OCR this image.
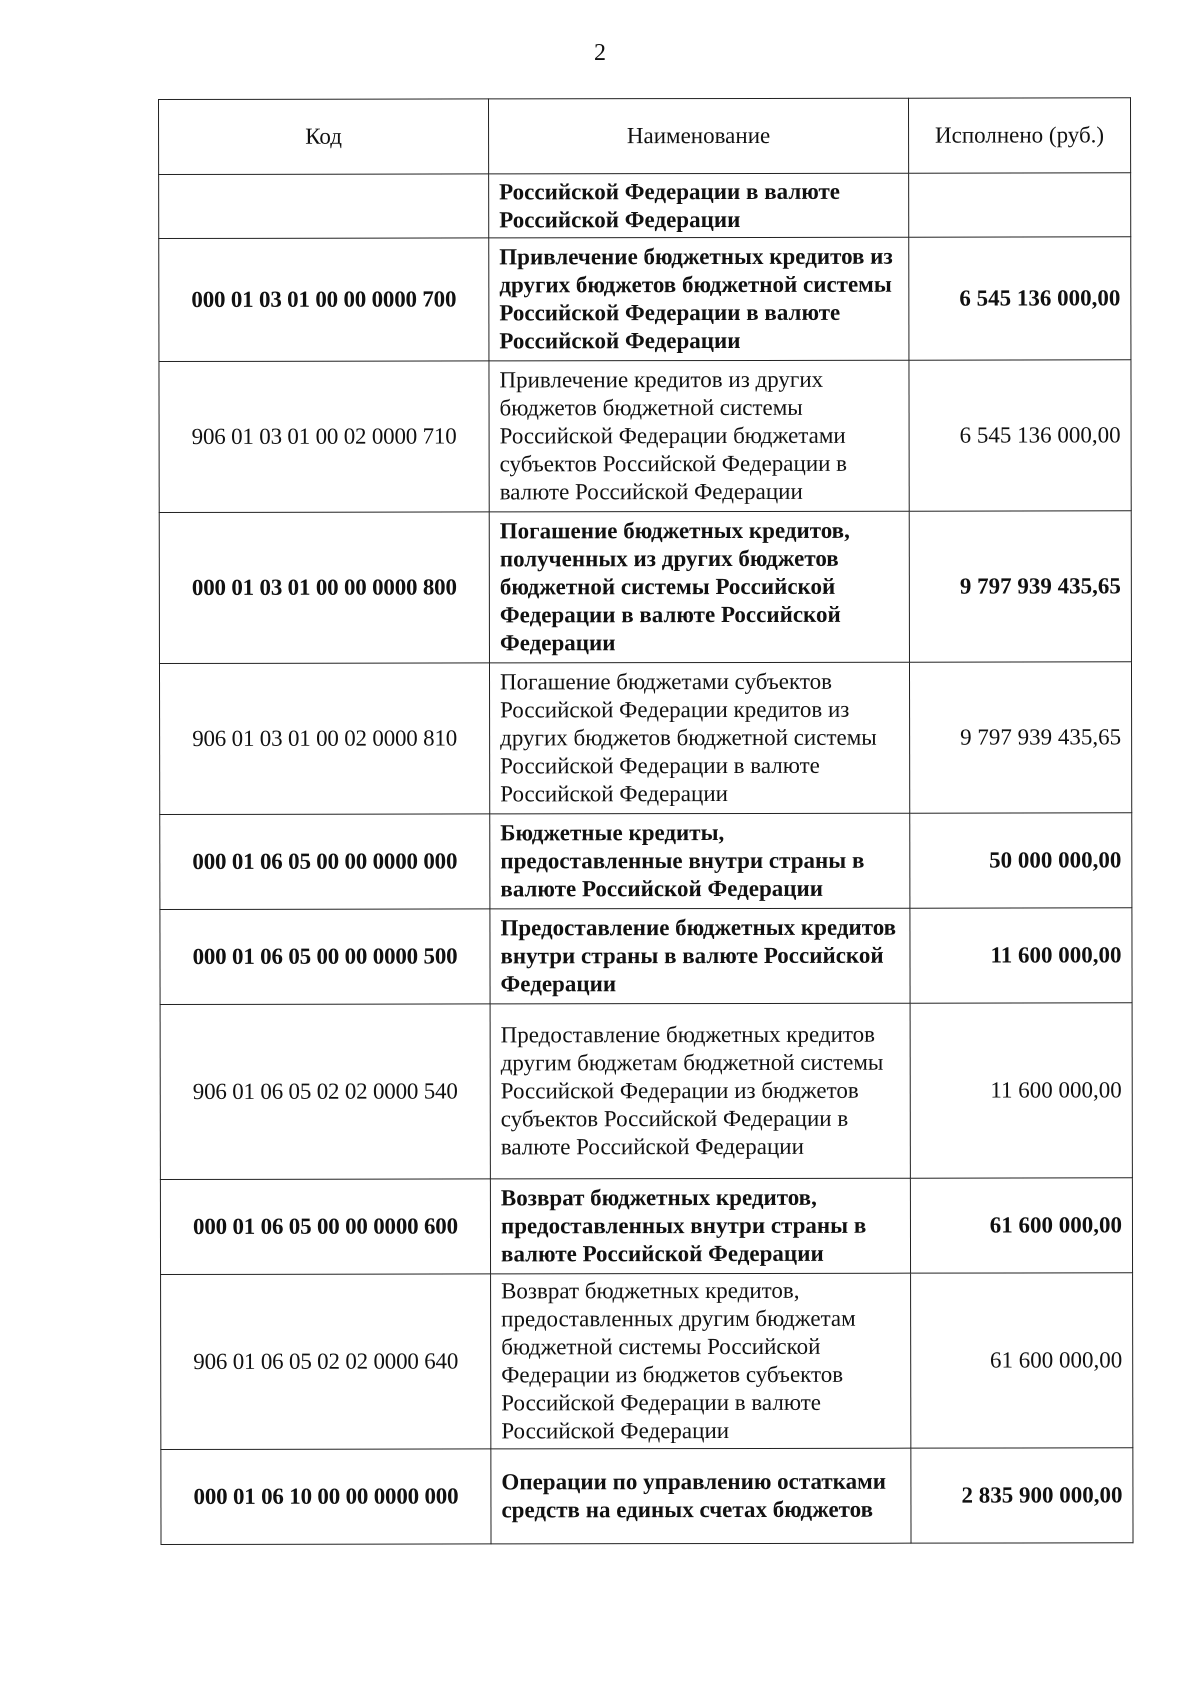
2
Код	Наименование	Исполнено (руб.)
	Российской Федерации в валюте Российской Федерации	
000 01 03 01 00 00 0000 700	Привлечение бюджетных кредитов из других бюджетов бюджетной системы Российской Федерации в валюте Российской Федерации	6 545 136 000,00
906 01 03 01 00 02 0000 710	Привлечение кредитов из других бюджетов бюджетной системы Российской Федерации бюджетами субъектов Российской Федерации в валюте Российской Федерации	6 545 136 000,00
000 01 03 01 00 00 0000 800	Погашение бюджетных кредитов, полученных из других бюджетов бюджетной системы Российской Федерации в валюте Российской Федерации	9 797 939 435,65
906 01 03 01 00 02 0000 810	Погашение бюджетами субъектов Российской Федерации кредитов из других бюджетов бюджетной системы Российской Федерации в валюте Российской Федерации	9 797 939 435,65
000 01 06 05 00 00 0000 000	Бюджетные кредиты, предоставленные внутри страны в валюте Российской Федерации	50 000 000,00
000 01 06 05 00 00 0000 500	Предоставление бюджетных кредитов внутри страны в валюте Российской Федерации	11 600 000,00
906 01 06 05 02 02 0000 540	Предоставление бюджетных кредитов другим бюджетам бюджетной системы Российской Федерации из бюджетов субъектов Российской Федерации в валюте Российской Федерации	11 600 000,00
000 01 06 05 00 00 0000 600	Возврат бюджетных кредитов, предоставленных внутри страны в валюте Российской Федерации	61 600 000,00
906 01 06 05 02 02 0000 640	Возврат бюджетных кредитов, предоставленных другим бюджетам бюджетной системы Российской Федерации из бюджетов субъектов Российской Федерации в валюте Российской Федерации	61 600 000,00
000 01 06 10 00 00 0000 000	Операции по управлению остатками средств на единых счетах бюджетов	2 835 900 000,00
